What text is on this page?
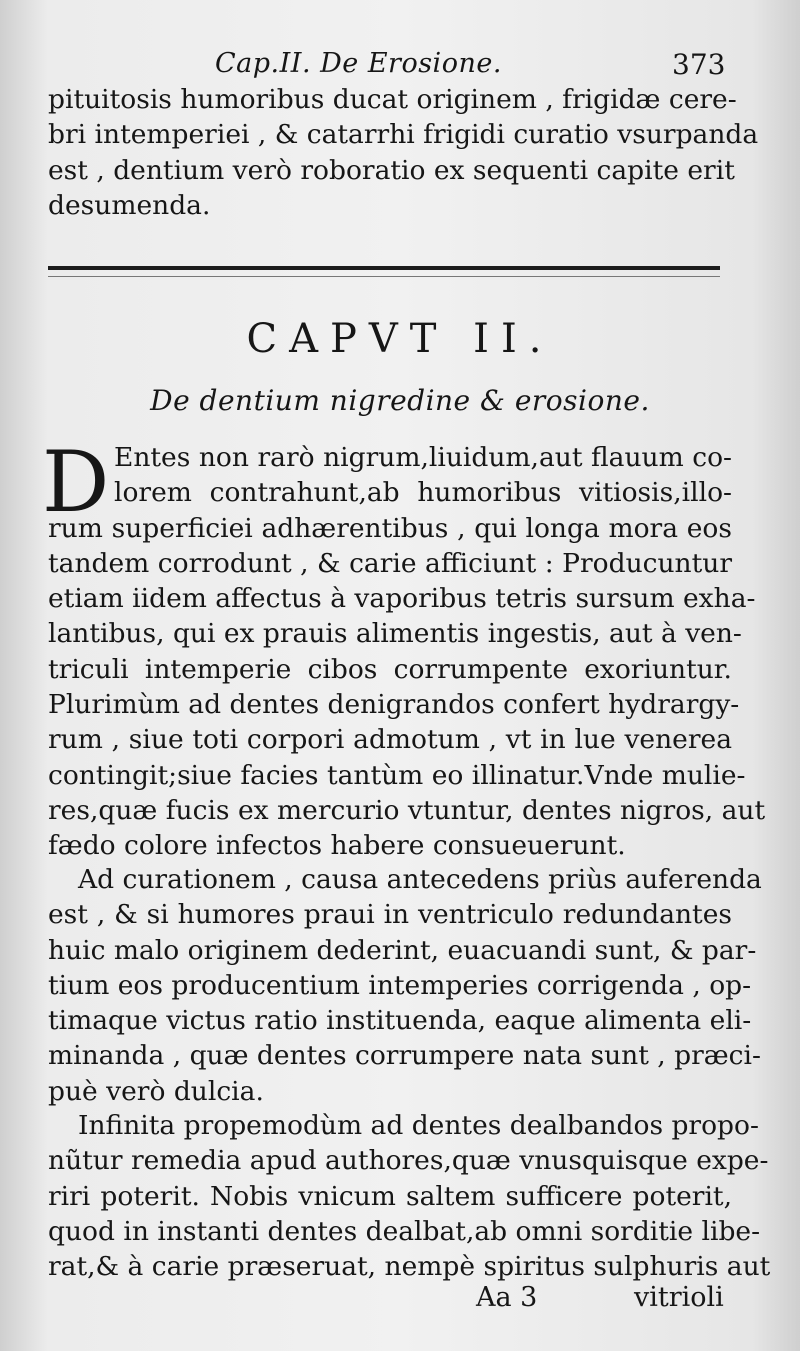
Cap.II. De Erosione.	373
pituitosis humoribus ducat originem , frigidæ cere-
bri intemperiei , & catarrhi frigidi curatio vsurpanda
est , dentium verò roboratio ex sequenti capite erit
desumenda.
CAPVT II.
De dentium nigredine & erosione.
D Entes non rarò nigrum,liuidum,aut flauum co-
lorem contrahunt,ab humoribus vitiosis,illo-
rum superficiei adhærentibus , qui longa mora eos
tandem corrodunt , & carie afficiunt : Producuntur
etiam iidem affectus à vaporibus tetris sursum exha-
lantibus, qui ex prauis alimentis ingestis, aut à ven-
triculi intemperie cibos corrumpente exoriuntur.
Plurimùm ad dentes denigrandos confert hydrargy-
rum , siue toti corpori admotum , vt in lue venerea
contingit;siue facies tantùm eo illinatur.Vnde mulie-
res,quæ fucis ex mercurio vtuntur, dentes nigros, aut
fædo colore infectos habere consueuerunt.
Ad curationem , causa antecedens priùs auferenda
est , & si humores praui in ventriculo redundantes
huic malo originem dederint, euacuandi sunt, & par-
tium eos producentium intemperies corrigenda , op-
timaque victus ratio instituenda, eaque alimenta eli-
minanda , quæ dentes corrumpere nata sunt , præci-
puè verò dulcia.
Infinita propemodùm ad dentes dealbandos propo-
nũtur remedia apud authores,quæ vnusquisque expe-
riri poterit. Nobis vnicum saltem sufficere poterit,
quod in instanti dentes dealbat,ab omni sorditie libe-
rat,& à carie præseruat, nempè spiritus sulphuris aut
Aa 3	vitrioli
